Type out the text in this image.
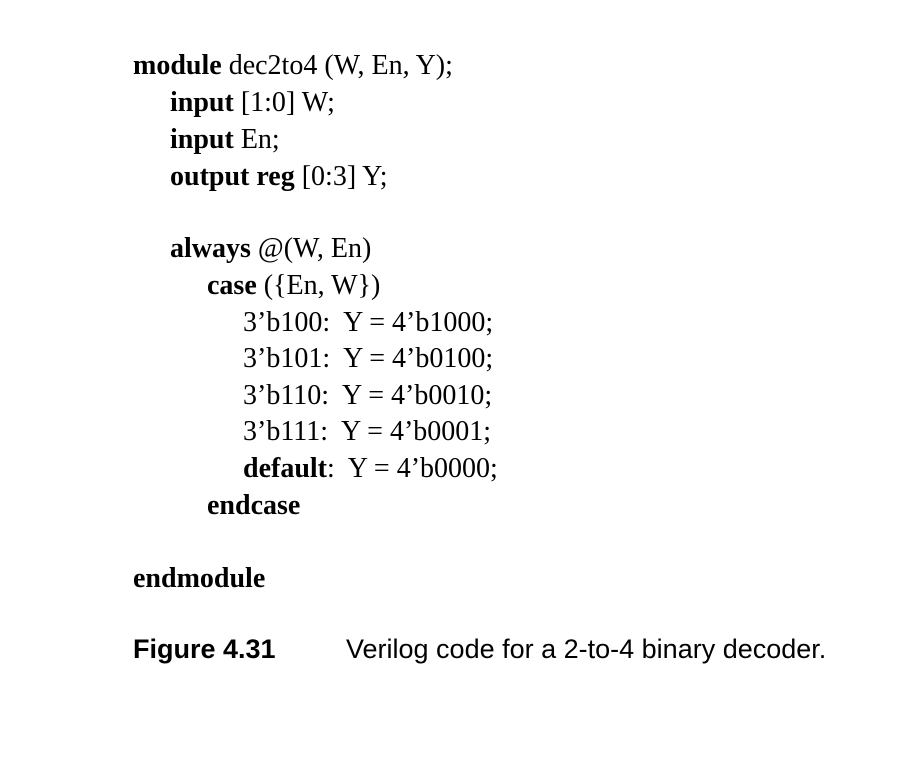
module dec2to4 (W, En, Y);
input [1:0] W;
input En;
output reg [0:3] Y;
always @(W, En)
case ({En, W})
3’b100:  Y = 4’b1000;
3’b101:  Y = 4’b0100;
3’b110:  Y = 4’b0010;
3’b111:  Y = 4’b0001;
default:  Y = 4’b0000;
endcase
endmodule
Figure 4.31	Verilog code for a 2-to-4 binary decoder.
